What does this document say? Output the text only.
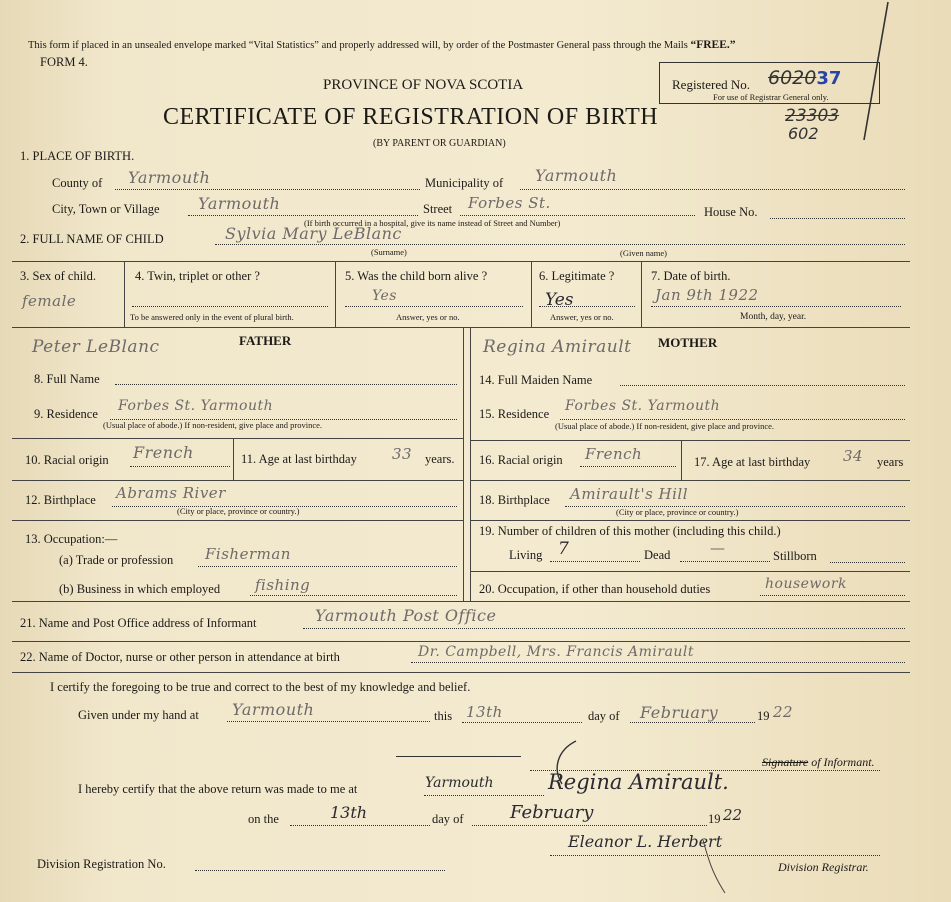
This form if placed in an unsealed envelope marked “Vital Statistics” and properly addressed will, by order of the Postmaster General pass through the Mails “FREE.”
FORM 4.
PROVINCE OF NOVA SCOTIA
CERTIFICATE OF REGISTRATION OF BIRTH
(BY PARENT OR GUARDIAN)
Registered No. 602037
For use of Registrar General only.
23303
602
1. PLACE OF BIRTH.
County of Yarmouth	Municipality of Yarmouth
City, Town or Village Yarmouth	Street Forbes St.	House No.
(If birth occurred in a hospital, give its name instead of Street and Number)
2. FULL NAME OF CHILD	Sylvia Mary LeBlanc
(Surname)	(Given name)
3. Sex of child.
female
4. Twin, triplet or other ?
To be answered only in the event of plural birth.
5. Was the child born alive ?
Yes
Answer, yes or no.
6. Legitimate ?
Yes
Answer, yes or no.
7. Date of birth.
Jan 9th 1922
Month, day, year.
Peter LeBlanc	FATHER
8. Full Name
9. Residence Forbes St. Yarmouth
(Usual place of abode.) If non-resident, give place and province.
10. Racial origin French	11. Age at last birthday 33 years.
12. Birthplace Abrams River
(City or place, province or country.)
13. Occupation:—
(a) Trade or profession Fisherman
(b) Business in which employed fishing
Regina Amirault MOTHER
14. Full Maiden Name
15. Residence Forbes St. Yarmouth
(Usual place of abode.) If non-resident, give place and province.
16. Racial origin French	17. Age at last birthday 34 years
18. Birthplace Amirault's Hill
(City or place, province or country.)
19. Number of children of this mother (including this child.)
Living 7	Dead	—	Stillborn
20. Occupation, if other than household duties	housework
21. Name and Post Office address of Informant	Yarmouth Post Office
22. Name of Doctor, nurse or other person in attendance at birth	Dr. Campbell, Mrs. Francis Amirault
I certify the foregoing to be true and correct to the best of my knowledge and belief.
Given under my hand at Yarmouth	this 13th	day of February	19 22
Signature of Informant.
Regina Amirault.
I hereby certify that the above return was made to me at	Yarmouth
on the	13th	day of	February	19 22
Division Registration No.
Eleanor L. Herbert
Division Registrar.
